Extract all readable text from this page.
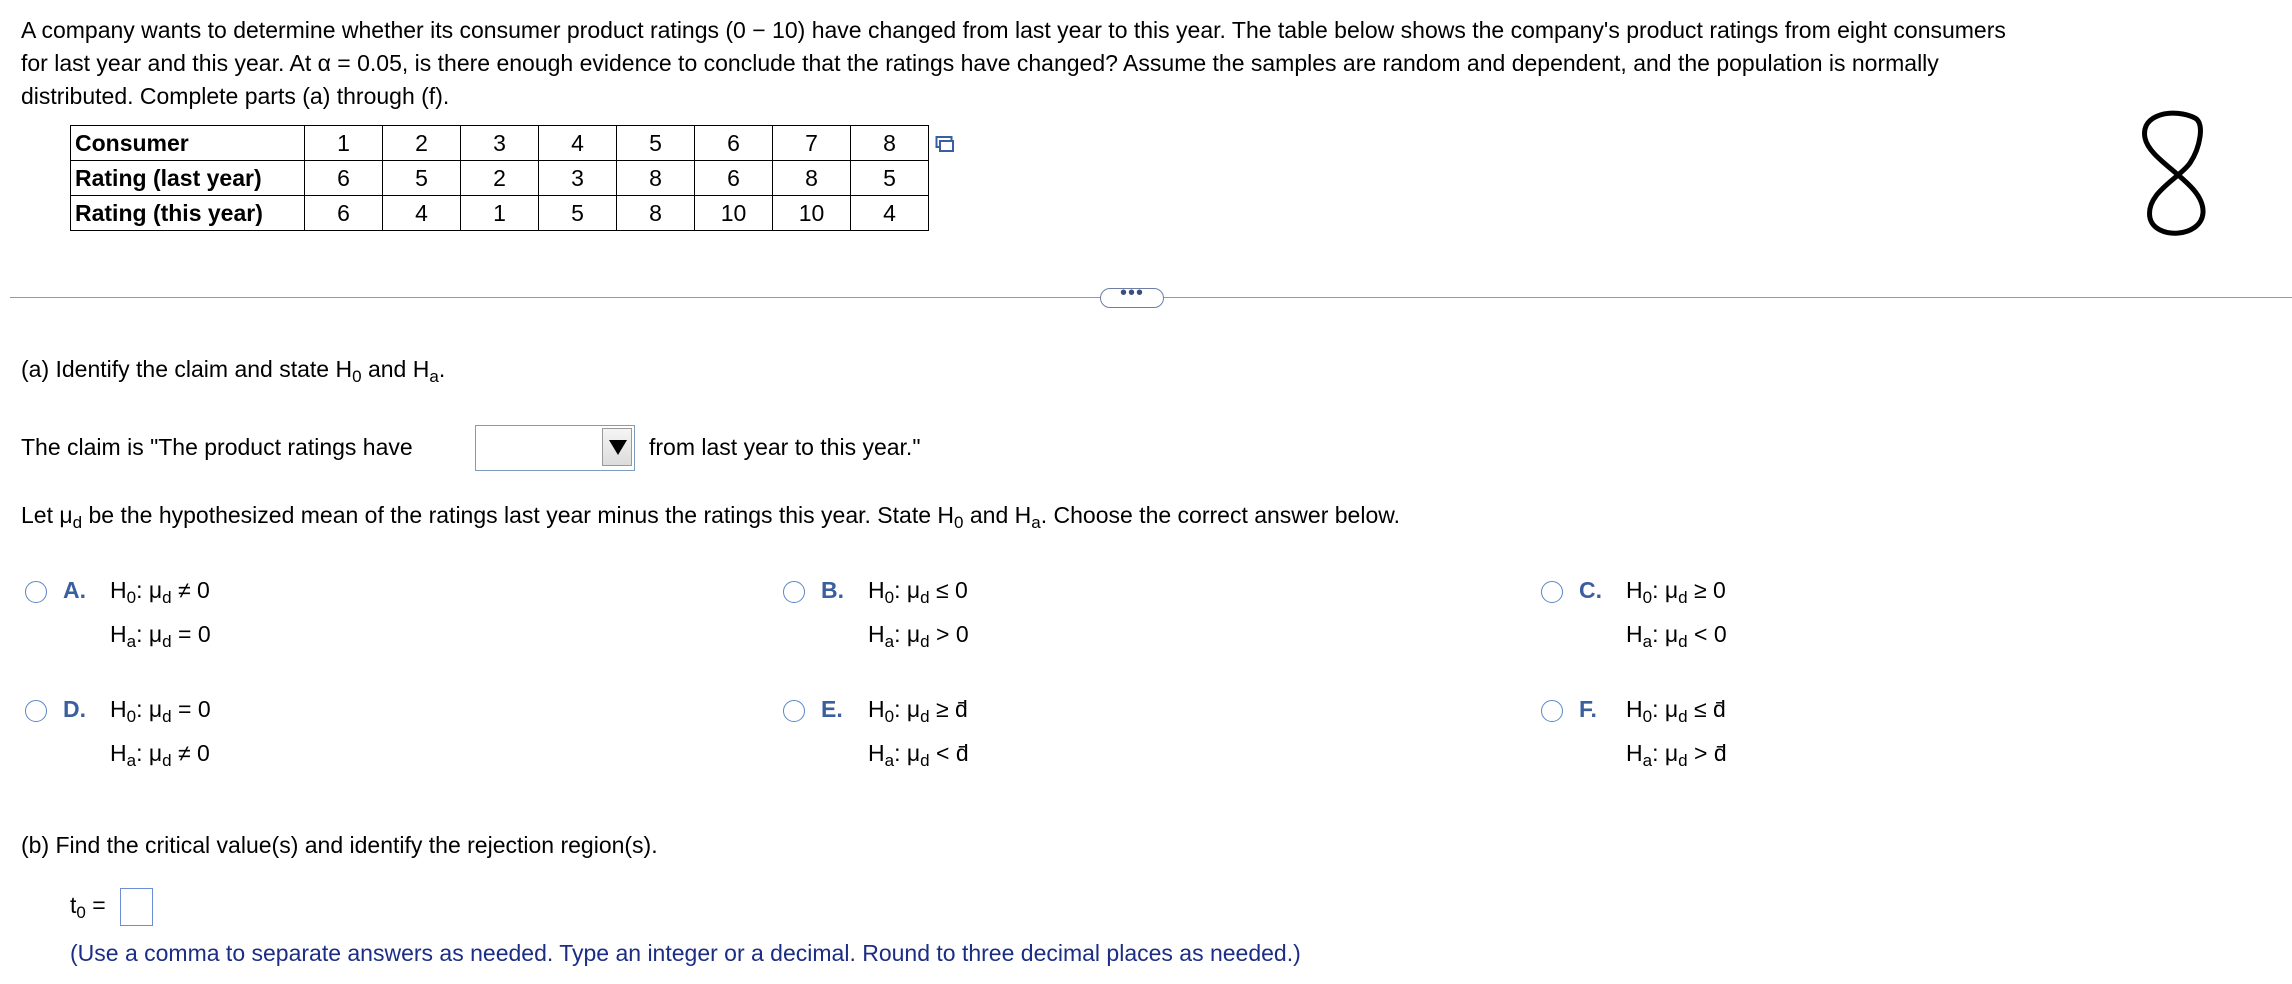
A company wants to determine whether its consumer product ratings (0 − 10) have changed from last year to this year. The table below shows the company's product ratings from eight consumers

for last year and this year. At α = 0.05, is there enough evidence to conclude that the ratings have changed? Assume the samples are random and dependent, and the population is normally

distributed. Complete parts (a) through (f).

Consumer	1	2	3	4	5	6	7	8
Rating (last year)	6	5	2	3	8	6	8	5
Rating (this year)	6	4	1	5	8	10	10	4
•••
(a) Identify the claim and state $H_0$ and $H_a$.
The claim is "The product ratings have	from last year to this year."
Let $\mu_d$ be the hypothesized mean of the ratings last year minus the ratings this year. State $H_0$ and $H_a$. Choose the correct answer below.
A. $H_0$: $\mu_d \ne 0$
$H_a$: $\mu_d = 0$
B. $H_0$: $\mu_d \le 0$
$H_a$: $\mu_d > 0$
C. $H_0$: $\mu_d \ge 0$
$H_a$: $\mu_d < 0$
D. $H_0$: $\mu_d = 0$
$H_a$: $\mu_d \ne 0$
E. $H_0$: $\mu_d$ ≥ d̄
$H_a$: $\mu_d$ < d̄
F. $H_0$: $\mu_d$ ≤ d̄
$H_a$: $\mu_d$ > d̄
(b) Find the critical value(s) and identify the rejection region(s).
$t_0$ =
(Use a comma to separate answers as needed. Type an integer or a decimal. Round to three decimal places as needed.)
